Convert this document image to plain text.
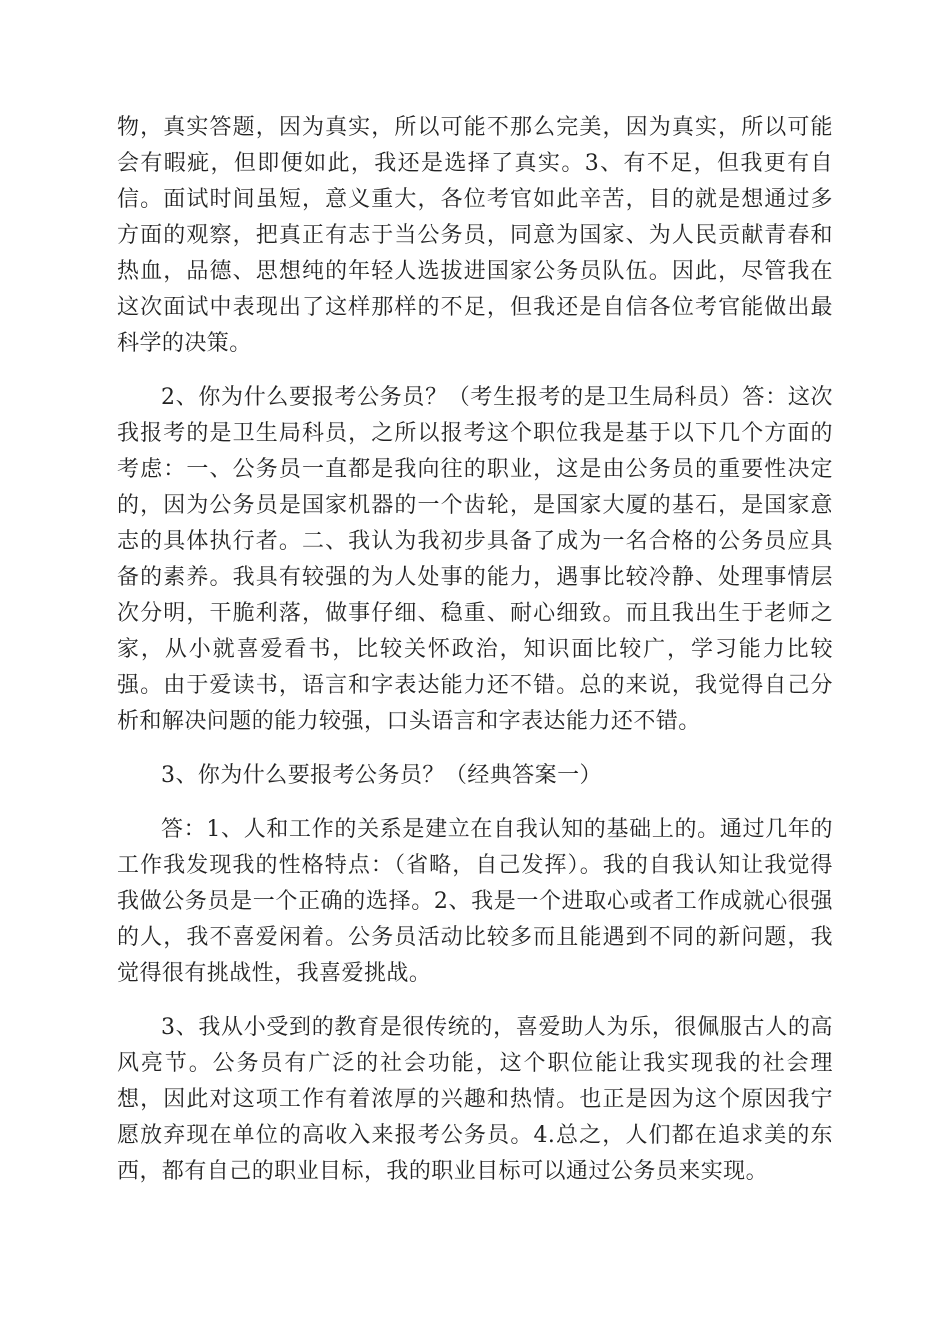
物，真实答题，因为真实，所以可能不那么完美，因为真实，所以可能会有暇疵，但即便如此，我还是选择了真实。3、有不足，但我更有自信。面试时间虽短，意义重大，各位考官如此辛苦，目的就是想通过多方面的观察，把真正有志于当公务员，同意为国家、为人民贡献青春和热血，品德、思想纯的年轻人选拔进国家公务员队伍。因此，尽管我在这次面试中表现出了这样那样的不足，但我还是自信各位考官能做出最科学的决策。

2、你为什么要报考公务员？（考生报考的是卫生局科员）答：这次我报考的是卫生局科员，之所以报考这个职位我是基于以下几个方面的考虑：一、公务员一直都是我向往的职业，这是由公务员的重要性决定的，因为公务员是国家机器的一个齿轮，是国家大厦的基石，是国家意志的具体执行者。二、我认为我初步具备了成为一名合格的公务员应具备的素养。我具有较强的为人处事的能力，遇事比较冷静、处理事情层次分明，干脆利落，做事仔细、稳重、耐心细致。而且我出生于老师之家，从小就喜爱看书，比较关怀政治，知识面比较广，学习能力比较强。由于爱读书，语言和字表达能力还不错。总的来说，我觉得自己分析和解决问题的能力较强，口头语言和字表达能力还不错。

3、你为什么要报考公务员？（经典答案一）

答：1、人和工作的关系是建立在自我认知的基础上的。通过几年的工作我发现我的性格特点：（省略，自己发挥）。我的自我认知让我觉得我做公务员是一个正确的选择。2、我是一个进取心或者工作成就心很强的人，我不喜爱闲着。公务员活动比较多而且能遇到不同的新问题，我觉得很有挑战性，我喜爱挑战。

3、我从小受到的教育是很传统的，喜爱助人为乐，很佩服古人的高风亮节。公务员有广泛的社会功能，这个职位能让我实现我的社会理想，因此对这项工作有着浓厚的兴趣和热情。也正是因为这个原因我宁愿放弃现在单位的高收入来报考公务员。4.总之，人们都在追求美的东西，都有自己的职业目标，我的职业目标可以通过公务员来实现。
